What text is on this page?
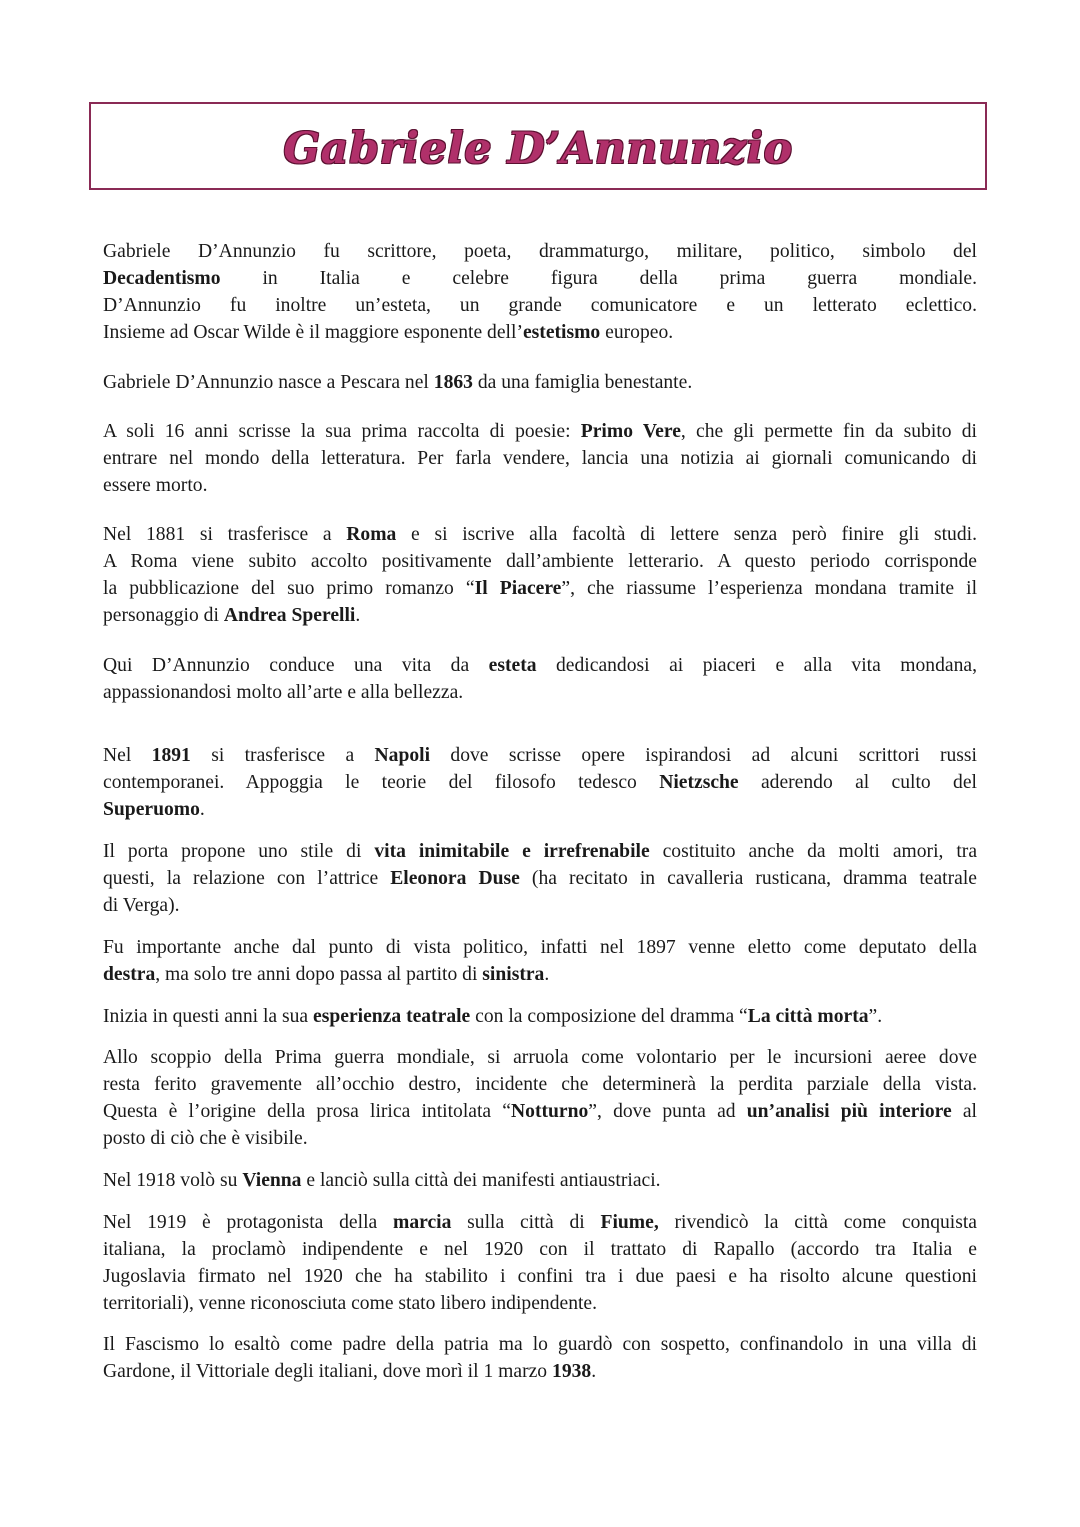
Gabriele D’Annunzio
Gabriele D’Annunzio fu scrittore, poeta, drammaturgo, militare, politico, simbolo del
Decadentismo in Italia e celebre figura della prima guerra mondiale.
D’Annunzio fu inoltre un’esteta, un grande comunicatore e un letterato eclettico.
Insieme ad Oscar Wilde è il maggiore esponente dell’estetismo europeo.
Gabriele D’Annunzio nasce a Pescara nel 1863 da una famiglia benestante.
A soli 16 anni scrisse la sua prima raccolta di poesie: Primo Vere, che gli permette fin da subito di
entrare nel mondo della letteratura. Per farla vendere, lancia una notizia ai giornali comunicando di
essere morto.
Nel 1881 si trasferisce a Roma e si iscrive alla facoltà di lettere senza però finire gli studi.
A Roma viene subito accolto positivamente dall’ambiente letterario. A questo periodo corrisponde
la pubblicazione del suo primo romanzo “Il Piacere”, che riassume l’esperienza mondana tramite il
personaggio di Andrea Sperelli.
Qui D’Annunzio conduce una vita da esteta dedicandosi ai piaceri e alla vita mondana,
appassionandosi molto all’arte e alla bellezza.
Nel 1891 si trasferisce a Napoli dove scrisse opere ispirandosi ad alcuni scrittori russi
contemporanei. Appoggia le teorie del filosofo tedesco Nietzsche aderendo al culto del
Superuomo.
Il porta propone uno stile di vita inimitabile e irrefrenabile costituito anche da molti amori, tra
questi, la relazione con l’attrice Eleonora Duse (ha recitato in cavalleria rusticana, dramma teatrale
di Verga).
Fu importante anche dal punto di vista politico, infatti nel 1897 venne eletto come deputato della
destra, ma solo tre anni dopo passa al partito di sinistra.
Inizia in questi anni la sua esperienza teatrale con la composizione del dramma “La città morta”.
Allo scoppio della Prima guerra mondiale, si arruola come volontario per le incursioni aeree dove
resta ferito gravemente all’occhio destro, incidente che determinerà la perdita parziale della vista.
Questa è l’origine della prosa lirica intitolata “Notturno”, dove punta ad un’analisi più interiore al
posto di ciò che è visibile.
Nel 1918 volò su Vienna e lanciò sulla città dei manifesti antiaustriaci.
Nel 1919 è protagonista della marcia sulla città di Fiume, rivendicò la città come conquista
italiana, la proclamò indipendente e nel 1920 con il trattato di Rapallo (accordo tra Italia e
Jugoslavia firmato nel 1920 che ha stabilito i confini tra i due paesi e ha risolto alcune questioni
territoriali), venne riconosciuta come stato libero indipendente.
Il Fascismo lo esaltò come padre della patria ma lo guardò con sospetto, confinandolo in una villa di
Gardone, il Vittoriale degli italiani, dove morì il 1 marzo 1938.
